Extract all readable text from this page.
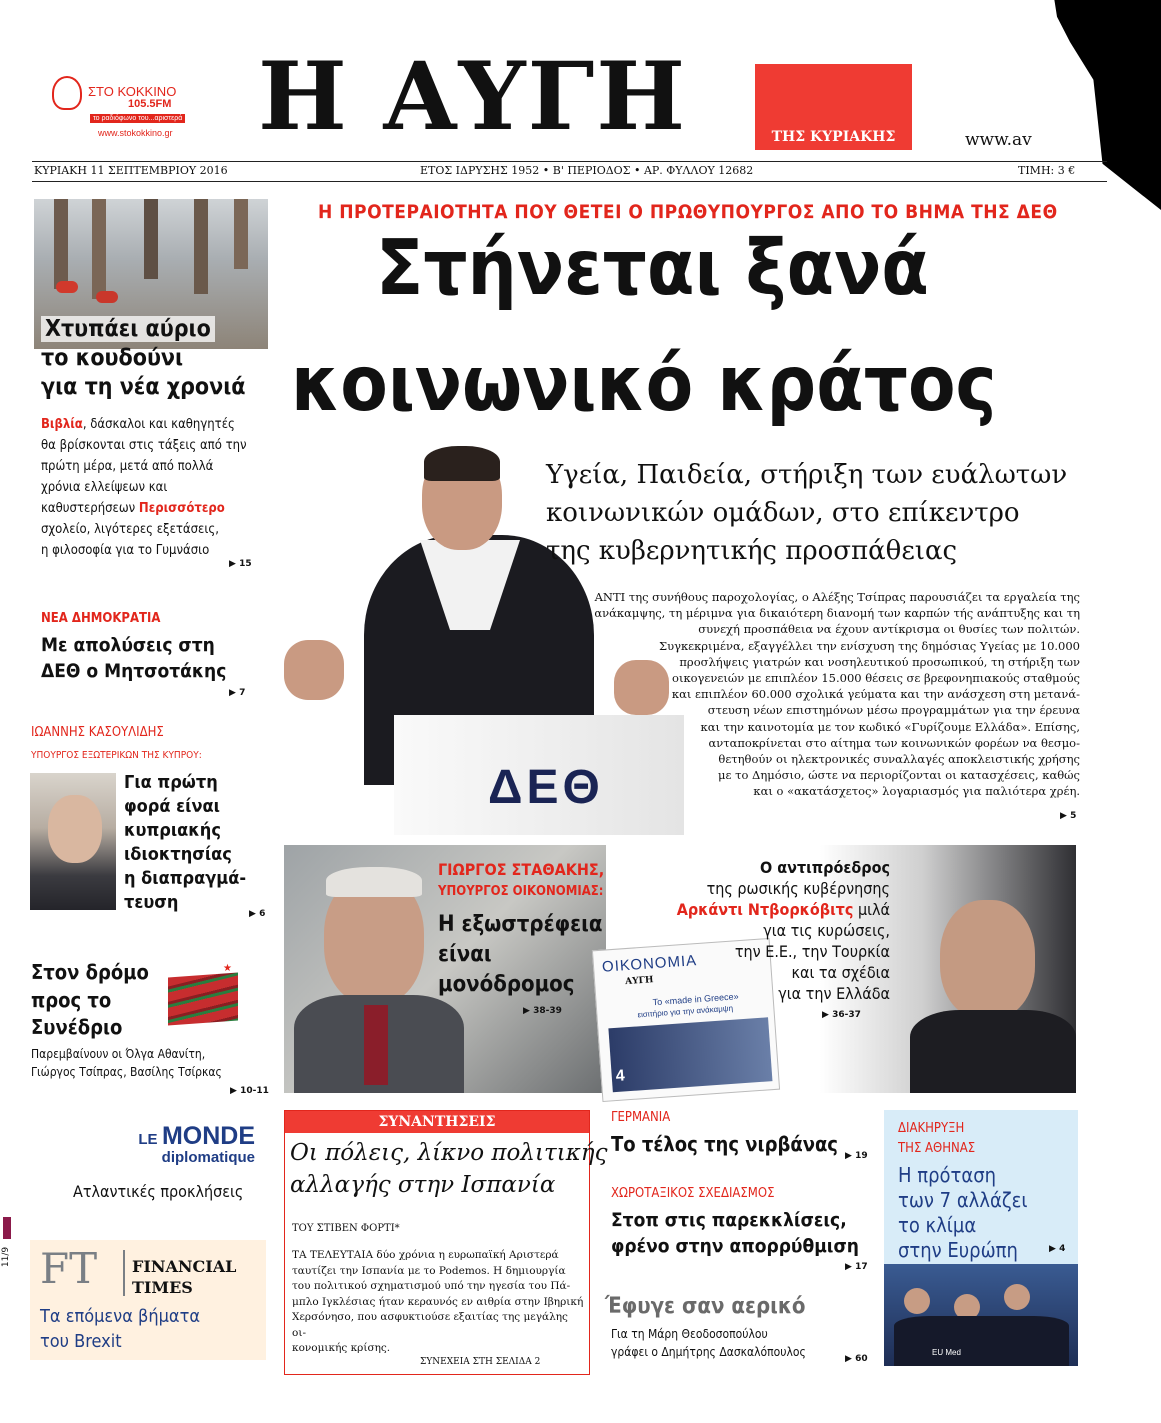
ΣΤΟ ΚΟΚΚΙΝΟ
105.5FM
το ραδιόφωνο του...αριστερά
www.stokokkino.gr Η ΑΥΓΗ	ΤΗΣ ΚΥΡΙΑΚΗΣ	www.av
ΚΥΡΙΑΚΗ 11 ΣΕΠΤΕΜΒΡΙΟΥ 2016	ΕΤΟΣ ΙΔΡΥΣΗΣ 1952 • Β' ΠΕΡΙΟΔΟΣ • ΑΡ. ΦΥΛΛΟΥ 12682	ΤΙΜΗ: 3 €
Χτυπάει αύριο
το κουδούνι
για τη νέα χρονιά
Βιβλία, δάσκαλοι και καθηγητές
θα βρίσκονται στις τάξεις από την
πρώτη μέρα, μετά από πολλά
χρόνια ελλείψεων και
καθυστερήσεων Περισσότερο
σχολείο, λιγότερες εξετάσεις,
η φιλοσοφία για το Γυμνάσιο
▶ 15
ΝΕΑ ΔΗΜΟΚΡΑΤΙΑ
Με απολύσεις στη
ΔΕΘ ο Μητσοτάκης
▶ 7
ΙΩΑΝΝΗΣ ΚΑΣΟΥΛΙΔΗΣ
ΥΠΟΥΡΓΟΣ ΕΞΩΤΕΡΙΚΩΝ ΤΗΣ ΚΥΠΡΟΥ:
Για πρώτη
φορά είναι
κυπριακής
ιδιοκτησίας
η διαπραγμά-
τευση
▶ 6
Στον δρόμο
προς το
Συνέδριο
★
Παρεμβαίνουν οι Όλγα Αθανίτη,
Γιώργος Τσίπρας, Βασίλης Τσίρκας
▶ 10-11
LE MONDE
diplomatique
Ατλαντικές προκλήσεις
FT FINANCIAL
TIMES
Τα επόμενα βήματα
του Brexit
11/9
Η ΠΡΟΤΕΡΑΙΟΤΗΤΑ ΠΟΥ ΘΕΤΕΙ Ο ΠΡΩΘΥΠΟΥΡΓΟΣ ΑΠΟ ΤΟ ΒΗΜΑ ΤΗΣ ΔΕΘ
Στήνεται ξανά
κοινωνικό κράτος
ΔΕΘ
Υγεία, Παιδεία, στήριξη των ευάλωτων
κοινωνικών ομάδων, στο επίκεντρο
της κυβερνητικής προσπάθειας
ΑΝΤΙ της συνήθους παροχολογίας, ο Αλέξης Τσίπρας παρουσιάζει τα εργαλεία της
ανάκαμψης, τη μέριμνα για δικαιότερη διανομή των καρπών τής ανάπτυξης και τη
συνεχή προσπάθεια να έχουν αντίκρισμα οι θυσίες των πολιτών.
Συγκεκριμένα, εξαγγέλλει την ενίσχυση της δημόσιας Υγείας με 10.000
προσλήψεις γιατρών και νοσηλευτικού προσωπικού, τη στήριξη των
οικογενειών με επιπλέον 15.000 θέσεις σε βρεφονηπιακούς σταθμούς
και επιπλέον 60.000 σχολικά γεύματα και την ανάσχεση στη μετανά-
στευση νέων επιστημόνων μέσω προγραμμάτων για την έρευνα
και την καινοτομία με τον κωδικό «Γυρίζουμε Ελλάδα». Επίσης,
ανταποκρίνεται στο αίτημα των κοινωνικών φορέων να θεσμο-
θετηθούν οι ηλεκτρονικές συναλλαγές αποκλειστικής χρήσης
με το Δημόσιο, ώστε να περιορίζονται οι κατασχέσεις, καθώς
και ο «ακατάσχετος» λογαριασμός για παλιότερα χρέη.
▶ 5
ΓΙΩΡΓΟΣ ΣΤΑΘΑΚΗΣ,
ΥΠΟΥΡΓΟΣ ΟΙΚΟΝΟΜΙΑΣ:
Η εξωστρέφεια
είναι
μονόδρομος
▶ 38-39
ΟΙΚΟΝΟΜΙΑ
ΑΥΓΗ
Το «made in Greece»
εισιτήριο για την ανάκαμψη
4
Ο αντιπρόεδρος
της ρωσικής κυβέρνησης
Αρκάντι Ντβορκόβιτς μιλά
για τις κυρώσεις,
την Ε.Ε., την Τουρκία
και τα σχέδια
για την Ελλάδα
▶ 36-37
ΣΥΝΑΝΤΗΣΕΙΣ
Οι πόλεις, λίκνο πολιτικής
αλλαγής στην Ισπανία
ΤΟΥ ΣΤΙΒΕΝ ΦΟΡΤΙ*
ΤΑ ΤΕΛΕΥΤΑΙΑ δύο χρόνια η ευρωπαϊκή Αριστερά
ταυτίζει την Ισπανία με το Podemos. Η δημιουργία
του πολιτικού σχηματισμού υπό την ηγεσία του Πά-
μπλο Ιγκλέσιας ήταν κεραυνός εν αιθρία στην Ιβηρική
Χερσόνησο, που ασφυκτιούσε εξαιτίας της μεγάλης οι-
κονομικής κρίσης.
ΣΥΝΕΧΕΙΑ ΣΤΗ ΣΕΛΙΔΑ 2
ΓΕΡΜΑΝΙΑ
Το τέλος της νιρβάνας	▶ 19
ΧΩΡΟΤΑΞΙΚΟΣ ΣΧΕΔΙΑΣΜΟΣ
Στοπ στις παρεκκλίσεις,
φρένο στην απορρύθμιση
▶ 17
Έφυγε σαν αερικό
Για τη Μάρη Θεοδοσοπούλου
γράφει ο Δημήτρης Δασκαλόπουλος	▶ 60
ΔΙΑΚΗΡΥΞΗ
ΤΗΣ ΑΘΗΝΑΣ
Η πρόταση
των 7 αλλάζει
το κλίμα
στην Ευρώπη	▶ 4
EU Med
